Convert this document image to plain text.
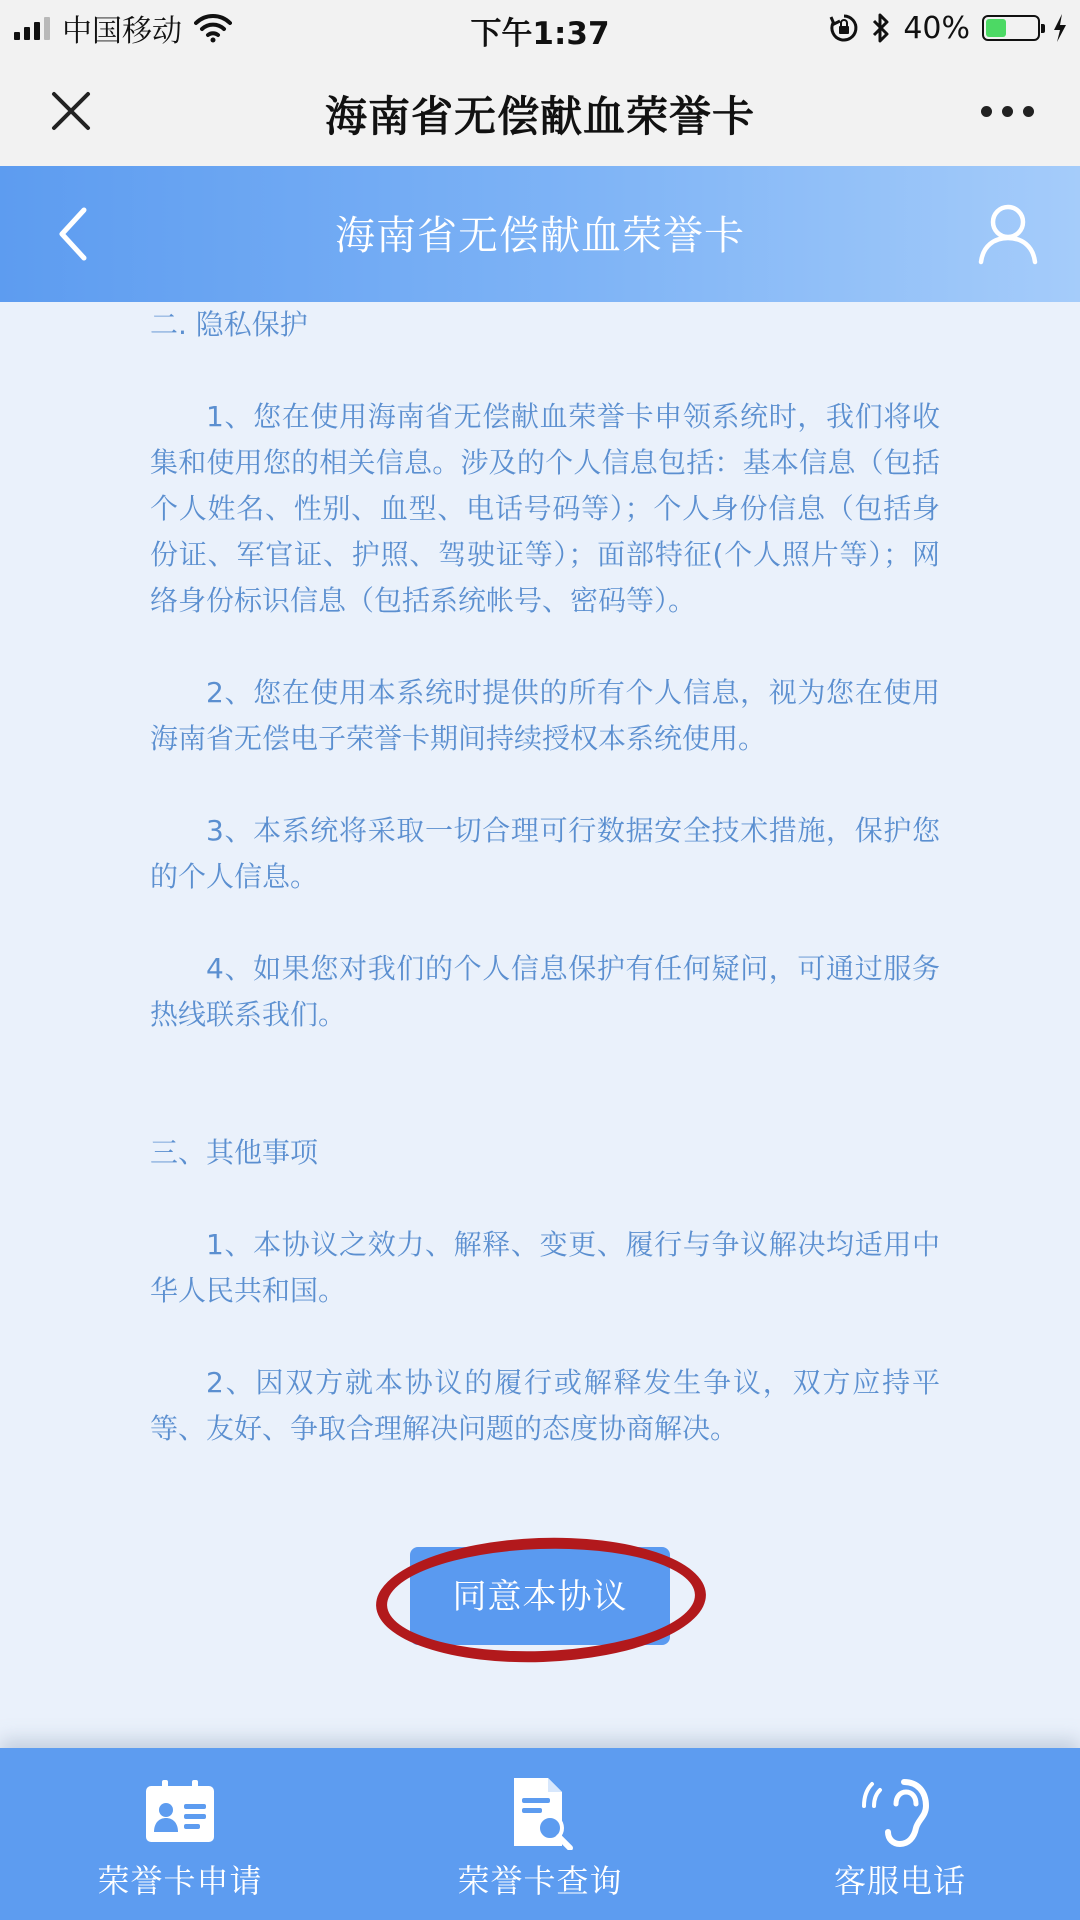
中国移动	下午1:37	40%
海南省无偿献血荣誉卡
海南省无偿献血荣誉卡

二. 隐私保护

1、您在使用海南省无偿献血荣誉卡申领系统时，我们将收集和使用您的相关信息。涉及的个人信息包括：基本信息（包括个人姓名、性别、血型、电话号码等）；个人身份信息（包括身份证、军官证、护照、驾驶证等）；面部特征(个人照片等）；网络身份标识信息（包括系统帐号、密码等）。

2、您在使用本系统时提供的所有个人信息，视为您在使用海南省无偿电子荣誉卡期间持续授权本系统使用。

3、本系统将采取一切合理可行数据安全技术措施，保护您的个人信息。

4、如果您对我们的个人信息保护有任何疑问，可通过服务热线联系我们。

三、其他事项

1、本协议之效力、解释、变更、履行与争议解决均适用中华人民共和国。

2、因双方就本协议的履行或解释发生争议，双方应持平等、友好、争取合理解决问题的态度协商解决。

同意本协议
荣誉卡申请	荣誉卡查询	客服电话
